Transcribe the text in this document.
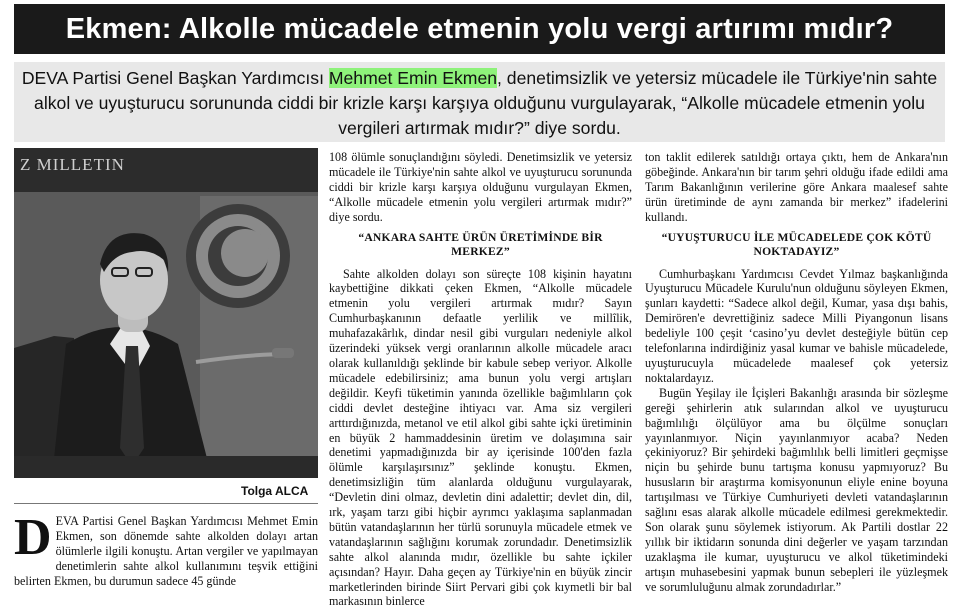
Ekmen: Alkolle mücadele etmenin yolu vergi artırımı mıdır?
DEVA Partisi Genel Başkan Yardımcısı Mehmet Emin Ekmen, denetimsizlik ve yetersiz mücadele ile Türkiye'nin sahte alkol ve uyuşturucu sorununda ciddi bir krizle karşı karşıya olduğunu vurgulayarak, “Alkolle mücadele etmenin yolu vergileri artırmak mıdır?” diye sordu.
Z MILLETIN
Tolga ALCA
D EVA Partisi Genel Başkan Yardımcısı Mehmet Emin Ekmen, son dönemde sahte alkolden dolayı artan ölümlerle ilgili konuştu. Artan vergiler ve yapılmayan denetimlerin sahte alkol kullanımını teşvik ettiğini belirten Ekmen, bu durumun sadece 45 günde

108 ölümle sonuçlandığını söyledi. Denetimsizlik ve yetersiz mücadele ile Türkiye'nin sahte alkol ve uyuşturucu sorununda ciddi bir krizle karşı karşıya olduğunu vurgulayan Ekmen, “Alkolle mücadele etmenin yolu vergileri artırmak mıdır?” diye sordu.

“ANKARA SAHTE ÜRÜN ÜRETİMİNDE BİR MERKEZ”

Sahte alkolden dolayı son süreçte 108 kişinin hayatını kaybettiğine dikkati çeken Ekmen, “Alkolle mücadele etmenin yolu vergileri artırmak mıdır? Sayın Cumhurbaşkanının defaatle yerlilik ve millîlik, muhafazakârlık, dindar nesil gibi vurguları nedeniyle alkol üzerindeki yüksek vergi oranlarının alkolle mücadele aracı olarak kullanıldığı şeklinde bir kabule sebep veriyor. Alkolle mücadele edebilirsiniz; ama bunun yolu vergi artışları değildir. Keyfi tüketimin yanında özellikle bağımlıların çok ciddi devlet desteğine ihtiyacı var. Ama siz vergileri arttırdığınızda, metanol ve etil alkol gibi sahte içki üretiminin en büyük 2 hammaddesinin üretim ve dolaşımına sair denetimi yapmadığınızda bir ay içerisinde 100'den fazla ölümle karşılaşırsınız” şeklinde konuştu. Ekmen, denetimsizliğin tüm alanlarda olduğunu vurgulayarak, “Devletin dini olmaz, devletin dini adalettir; devlet din, dil, ırk, yaşam tarzı gibi hiçbir ayrımcı yaklaşıma saplanmadan bütün vatandaşlarının her türlü sorunuyla mücadele etmek ve vatandaşlarının sağlığını korumak zorundadır. Denetimsizlik sahte alkol alanında mıdır, özellikle bu sahte içkiler açısından? Hayır. Daha geçen ay Türkiye'nin en büyük zincir marketlerinden birinde Siirt Pervari gibi çok kıymetli bir bal markasının binlerce

ton taklit edilerek satıldığı ortaya çıktı, hem de Ankara'nın göbeğinde. Ankara'nın bir tarım şehri olduğu ifade edildi ama Tarım Bakanlığının verilerine göre Ankara maalesef sahte ürün üretiminde de aynı zamanda bir merkez” ifadelerini kullandı.

“UYUŞTURUCU İLE MÜCADELEDE ÇOK KÖTÜ NOKTADAYIZ”

Cumhurbaşkanı Yardımcısı Cevdet Yılmaz başkanlığında Uyuşturucu Mücadele Kurulu'nun olduğunu söyleyen Ekmen, şunları kaydetti: “Sadece alkol değil, Kumar, yasa dışı bahis, Demirören'e devrettiğiniz sadece Milli Piyangonun lisans bedeliyle 100 çeşit ‘casino’yu devlet desteğiyle bütün cep telefonlarına indirdiğiniz yasal kumar ve bahisle mücadelede, uyuşturucuyla mücadelede maalesef çok yetersiz noktalardayız.

Bugün Yeşilay ile İçişleri Bakanlığı arasında bir sözleşme gereği şehirlerin atık sularından alkol ve uyuşturucu bağımlılığı ölçülüyor ama bu ölçülme sonuçları yayınlanmıyor. Niçin yayınlanmıyor acaba? Neden çekiniyoruz? Bir şehirdeki bağımlılık belli limitleri geçmişse niçin bu şehirde bunu tartışma konusu yapmıyoruz? Bu hususların bir araştırma komisyonunun eliyle enine boyuna tartışılması ve Türkiye Cumhuriyeti devleti vatandaşlarının sağlını esas alarak alkolle mücadele edilmesi gerekmektedir. Son olarak şunu söylemek istiyorum. Ak Partili dostlar 22 yıllık bir iktidarın sonunda dini değerler ve yaşam tarzından uzaklaşma ile kumar, uyuşturucu ve alkol tüketimindeki artışın muhasebesini yapmak bunun sebepleri ile yüzleşmek ve sorumluluğunu almak zorundadırlar.”
